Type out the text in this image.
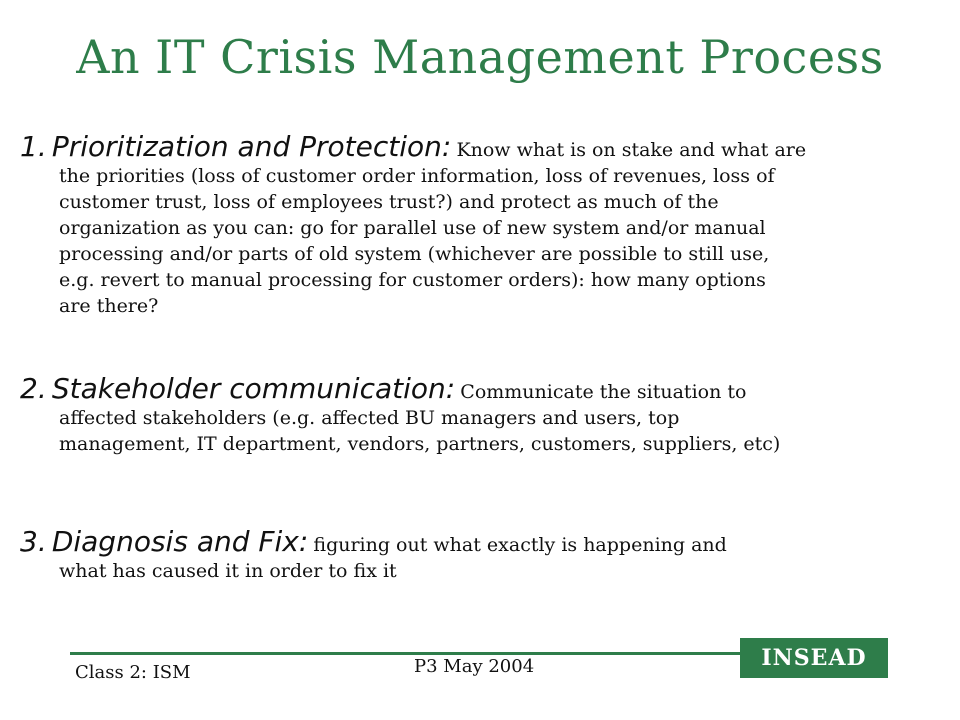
An IT Crisis Management Process
1. Prioritization and Protection: Know what is on stake and what are
the priorities (loss of customer order information, loss of revenues, loss of
customer trust, loss of employees trust?) and protect as much of the
organization as you can: go for parallel use of new system and/or manual
processing and/or parts of old system (whichever are possible to still use,
e.g. revert to manual processing for customer orders): how many options
are there?
2. Stakeholder communication: Communicate the situation to
affected stakeholders (e.g. affected BU managers and users, top
management, IT department, vendors, partners, customers, suppliers, etc)
3. Diagnosis and Fix: figuring out what exactly is happening and
what has caused it in order to fix it
Class 2: ISM	P3 May 2004	INSEAD
